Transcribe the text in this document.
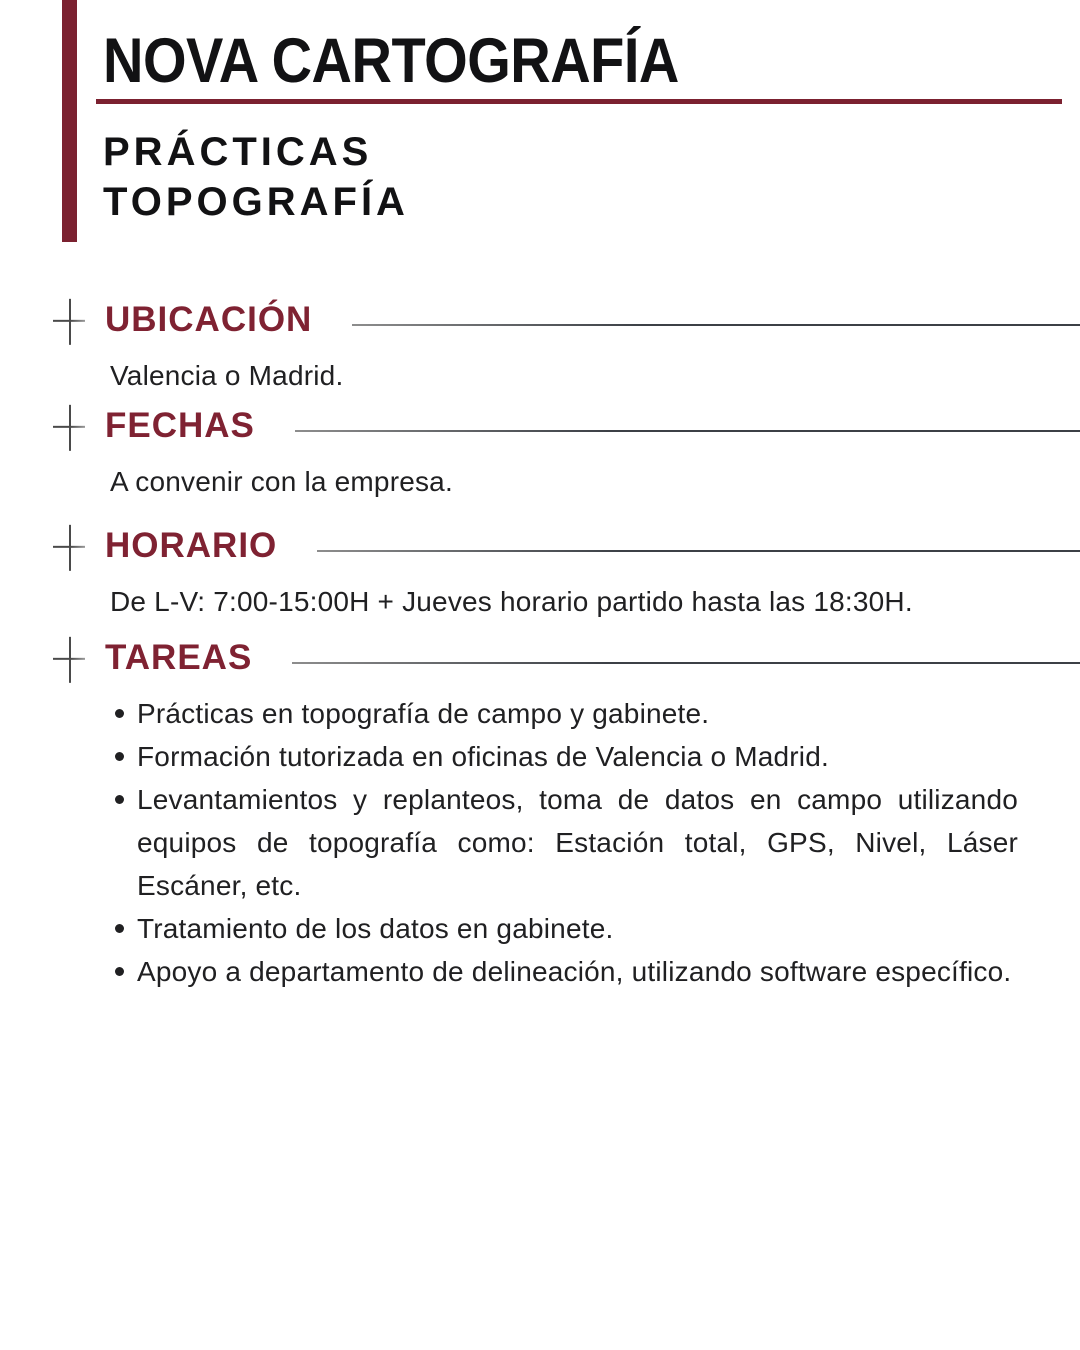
NOVA CARTOGRAFÍA
PRÁCTICAS
TOPOGRAFÍA
UBICACIÓN

Valencia o Madrid.

FECHAS

A convenir con la empresa.

HORARIO

De L-V: 7:00-15:00H + Jueves horario partido hasta las 18:30H.

TAREAS
Prácticas en topografía de campo y gabinete.
Formación tutorizada en oficinas de Valencia o Madrid.
Levantamientos y replanteos, toma de datos en campo utilizando equipos de topografía como: Estación total, GPS, Nivel, Láser Escáner, etc.
Tratamiento de los datos en gabinete.
Apoyo a departamento de delineación, utilizando software específico.
